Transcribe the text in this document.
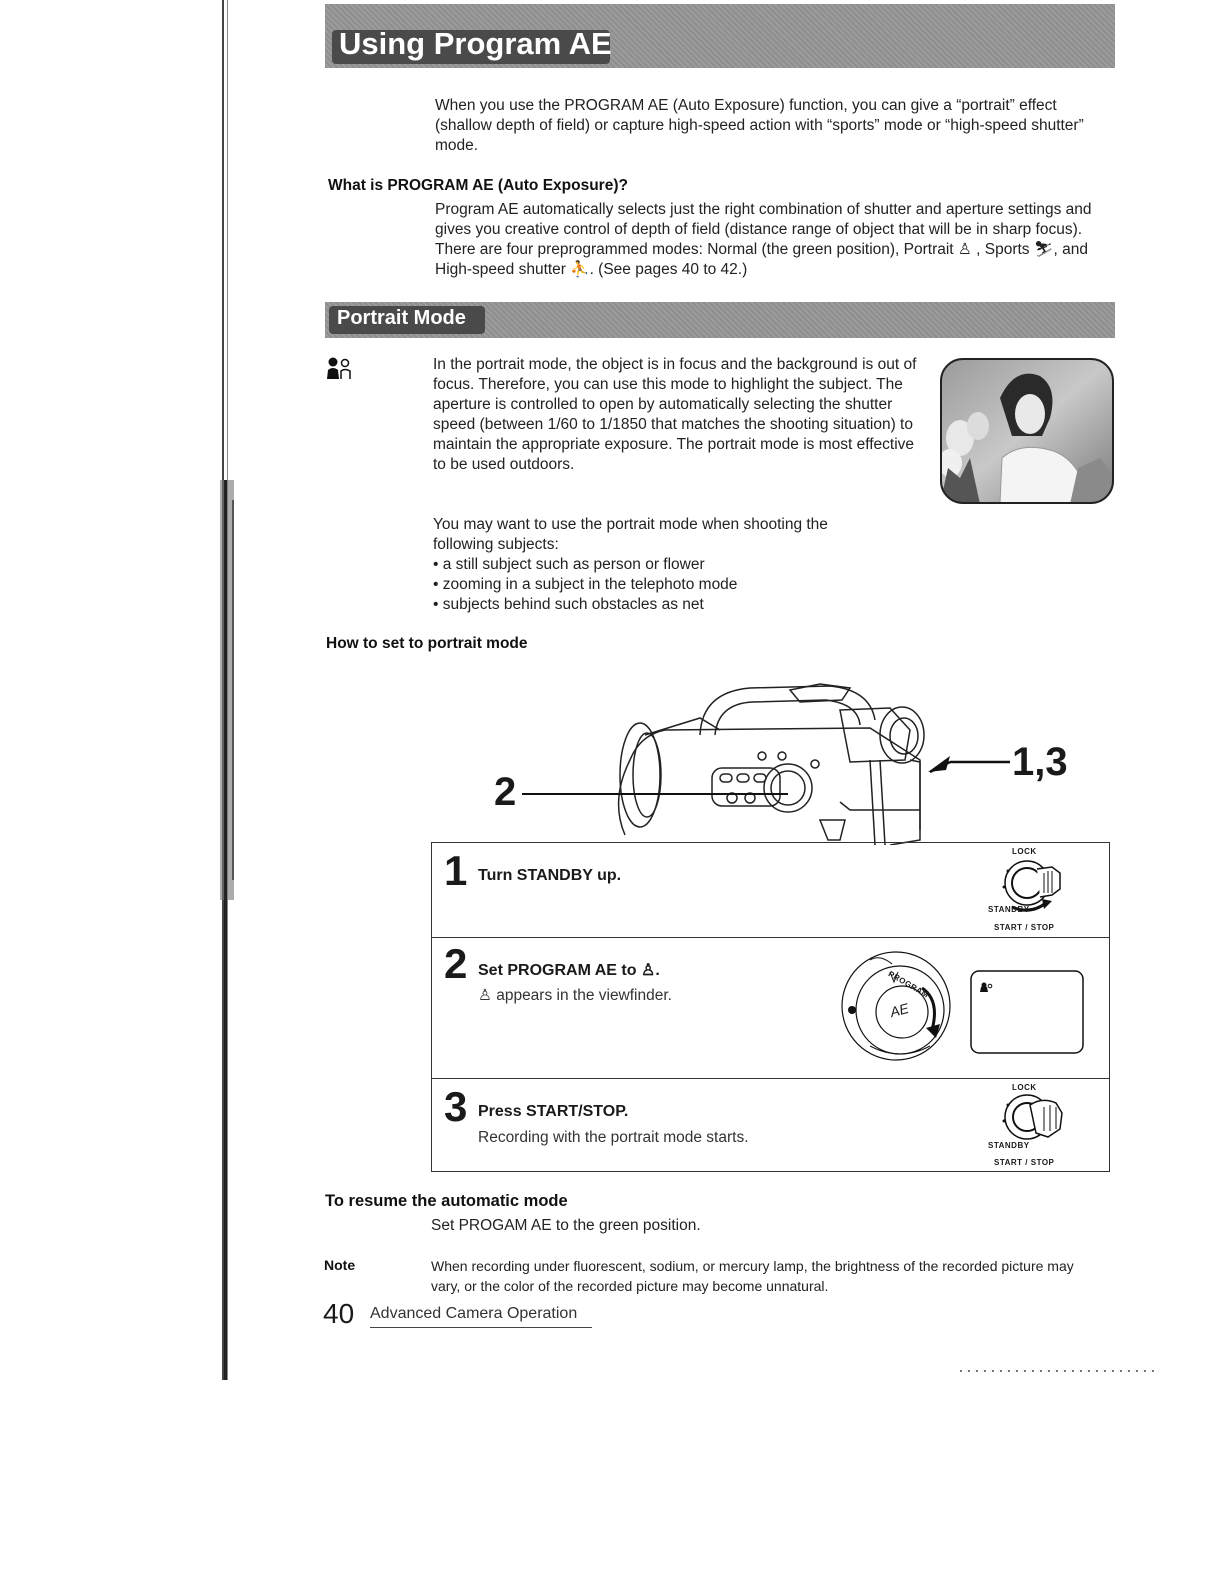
Using Program AE
When you use the PROGRAM AE (Auto Exposure) function, you can give a “portrait” effect (shallow depth of field) or capture high-speed action with “sports” mode or “high-speed shutter” mode.
What is PROGRAM AE (Auto Exposure)?
Program AE automatically selects just the right combination of shutter and aperture settings and gives you creative control of depth of field (distance range of object that will be in sharp focus). There are four preprogrammed modes: Normal (the green position), Portrait ♙ , Sports ⛷, and High-speed shutter ⛹. (See pages 40 to 42.)
Portrait Mode
In the portrait mode, the object is in focus and the background is out of focus. Therefore, you can use this mode to highlight the subject. The aperture is controlled to open by automatically selecting the shutter speed (between 1/60 to 1/1850 that matches the shooting situation) to maintain the appropriate exposure. The portrait mode is most effective to be used outdoors.
You may want to use the portrait mode when shooting the following subjects:
• a still subject such as person or flower
• zooming in a subject in the telephoto mode
• subjects behind such obstacles as net
How to set to portrait mode
2
1,3
1 Turn STANDBY up.
LOCK
STANDBY
START / STOP
2 Set PROGRAM AE to ♙.
♙ appears in the viewfinder.	PROGRAM
AE
3 Press START/STOP.
Recording with the portrait mode starts.
LOCK
STANDBY
START / STOP
To resume the automatic mode
Set PROGAM AE to the green position.
Note	When recording under fluorescent, sodium, or mercury lamp, the brightness of the recorded picture may vary, or the color of the recorded picture may become unnatural.
40 Advanced Camera Operation
